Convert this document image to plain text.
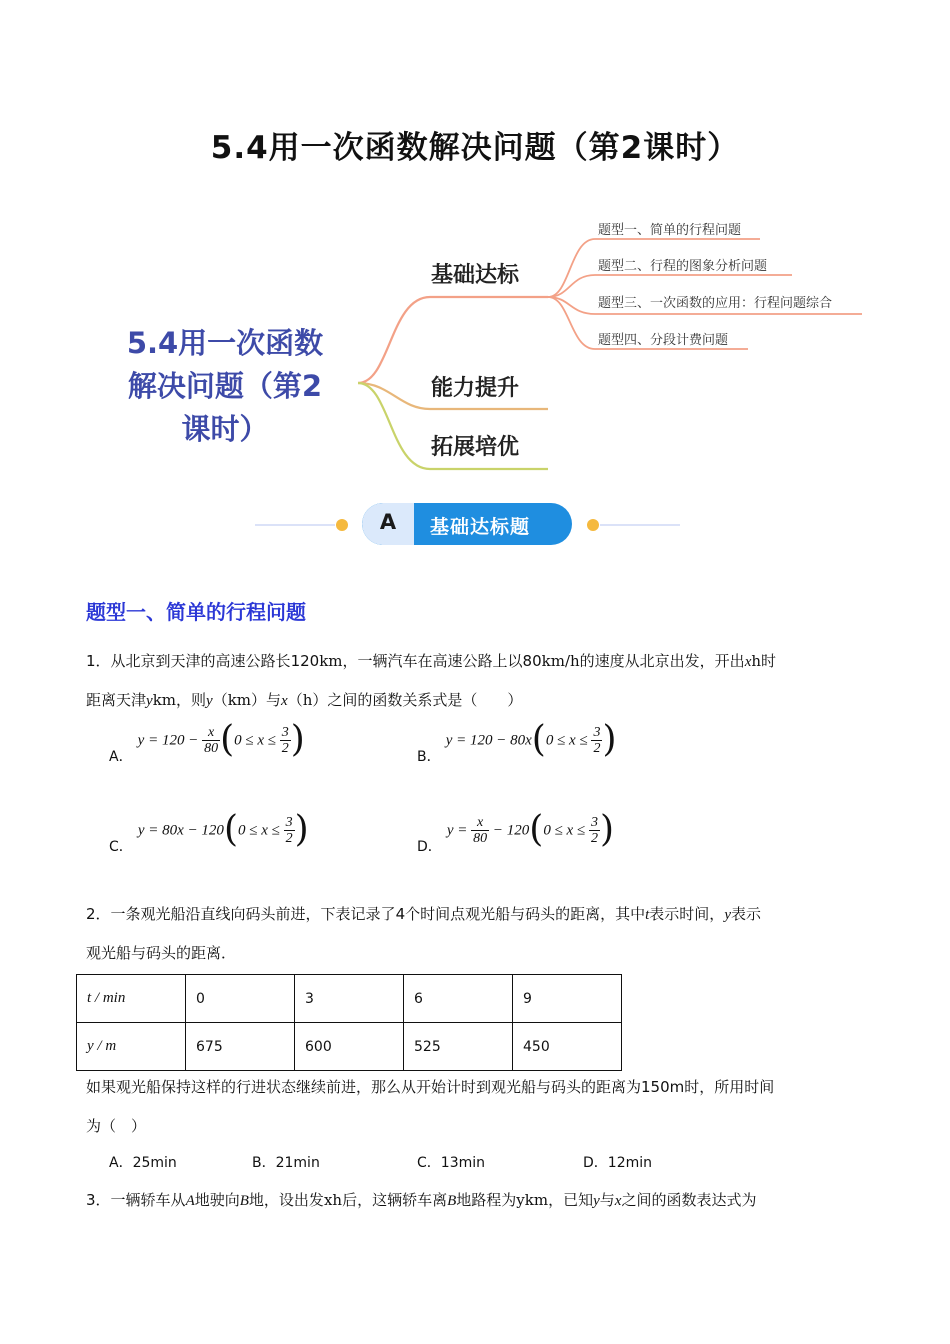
5.4用一次函数解决问题（第2课时）
5.4用一次函数
解决问题（第2
课时）
基础达标
能力提升
拓展培优
题型一、简单的行程问题
题型二、行程的图象分析问题
题型三、一次函数的应用：行程问题综合
题型四、分段计费问题
A	基础达标题
题型一、简单的行程问题
1．从北京到天津的高速公路长120km，一辆汽车在高速公路上以80km/h的速度从北京出发，开出xh时
距离天津ykm，则y（km）与x（h）之间的函数关系式是（　　）
A． $y = 120 - \frac{x}{80} (0 \le x \le \frac{3}{2}$ )	B． $y = 120 - 80x(0 \le x \le \frac{3}{2}$ )
C． $y = 80x - 120(0 \le x \le \frac{3}{2}$ )	D． $y = \frac{x}{80} - 120(0 \le x \le \frac{3}{2}$ )
2．一条观光船沿直线向码头前进，下表记录了4个时间点观光船与码头的距离，其中t表示时间，y表示
观光船与码头的距离．
t / min	0	3	6	9
y / m	675	600	525	450
如果观光船保持这样的行进状态继续前进，那么从开始计时到观光船与码头的距离为150m时，所用时间
为（　）
A．25min	B．21min	C．13min	D．12min
3．一辆轿车从A地驶向B地，设出发xh后，这辆轿车离B地路程为ykm，已知y与x之间的函数表达式为
